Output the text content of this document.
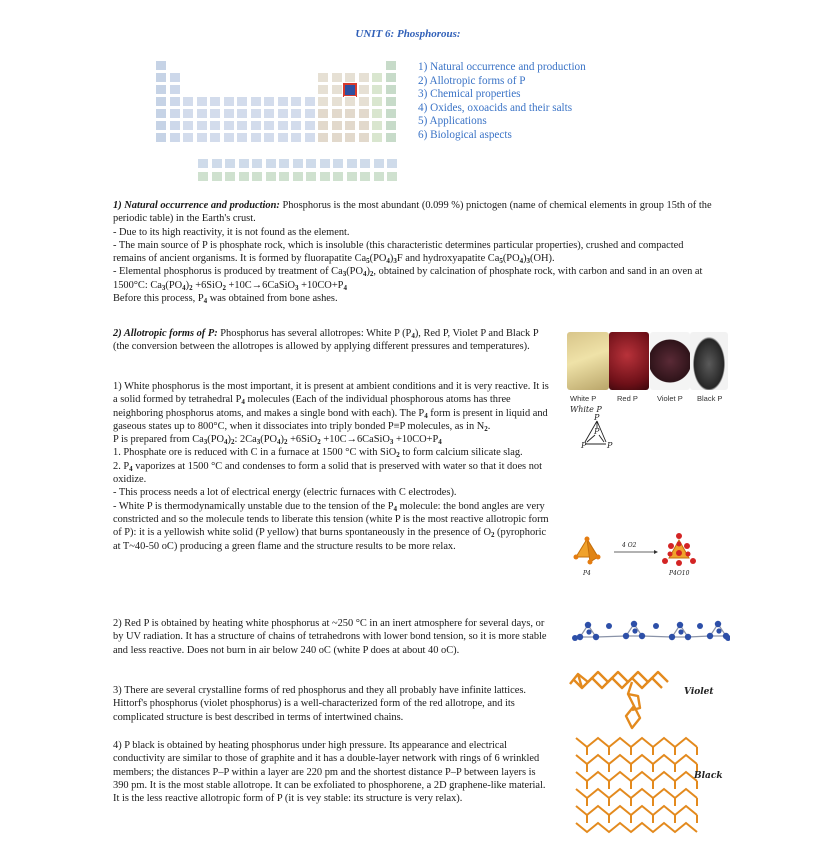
UNIT 6: Phosphorous:
1) Natural occurrence and production
2) Allotropic forms of P
3) Chemical properties
4) Oxides, oxoacids and their salts
5) Applications
6) Biological aspects
1) Natural occurrence and production: Phosphorus is the most abundant (0.099 %) pnictogen (name of chemical elements in group 15th of the periodic table) in the Earth's crust.
- Due to its high reactivity, it is not found as the element.
- The main source of P is phosphate rock, which is insoluble (this characteristic determines particular properties), crushed and compacted remains of ancient organisms. It is formed by fluorapatite $Ca_5(PO_4)_3F$ and hydroxyapatite $Ca_5(PO_4)_3(OH)$.
- Elemental phosphorus is produced by treatment of $Ca_3(PO_4)_2$, obtained by calcination of phosphate rock, with carbon and sand in an oven at 1500°C: $Ca_3(PO_4)_2 +6SiO_2$ +10C→6CaSiO$_3$ $+10CO+P_4$
Before this process, $P_4$ was obtained from bone ashes.
2) Allotropic forms of P: Phosphorus has several allotropes: White P $(P_4)$, Red P, Violet P and Black P (the conversion between the allotropes is allowed by applying different pressures and temperatures).
1) White phosphorus is the most important, it is present at ambient conditions and it is very reactive. It is a solid formed by tetrahedral $P_4$ molecules (Each of the individual phosphorous atoms has three neighboring phosphorus atoms, and makes a single bond with each). The $P_4$ form is present in liquid and gaseous states up to 800°C, when it dissociates into triply bonded P≡P molecules, as in $N_2$.
P is prepared from $Ca_3(PO_4)_2$: $2Ca_3(PO_4)_2 +6SiO_2$ +10C→6CaSiO$_3$ $+10CO+P_4$
1. Phosphate ore is reduced with C in a furnace at 1500 °C with SiO$_2$ to form calcium silicate slag.
2. $P_4$ vaporizes at 1500 °C and condenses to form a solid that is preserved with water so that it does not oxidize.
- This process needs a lot of electrical energy (electric furnaces with C electrodes).
- White P is thermodynamically unstable due to the tension of the $P_4$ molecule: the bond angles are very constricted and so the molecule tends to liberate this tension (white P is the most reactive allotropic form of P): it is a yellowish white solid (P yellow) that burns spontaneously in the presence of $O_2$ (pyrophoric at T~40-50 oC) producing a green flame and the structure results to be more relax.
2) Red P is obtained by heating white phosphorus at ~250 °C in an inert atmosphere for several days, or by UV radiation. It has a structure of chains of tetrahedrons with lower bond tension, so it is more stable and less reactive. Does not burn in air below 240 oC (white P does at about 40 oC).
3) There are several crystalline forms of red phosphorus and they all probably have infinite lattices. Hittorf's phosphorus (violet phosphorus) is a well-characterized form of the red allotrope, and its complicated structure is best described in terms of intertwined chains.
4) P black is obtained by heating phosphorus under high pressure. Its appearance and electrical conductivity are similar to those of graphite and it has a double-layer network with rings of 6 wrinkled members; the distances P–P within a layer are 220 pm and the shortest distance P–P between layers is 390 pm. It is the most stable allotrope. It can be exfoliated to phosphorene, a 2D graphene-like material. It is the less reactive allotropic form of P (it is vey stable: its structure is very relax).
White P	Red P	Violet P Black P
White P
P
P
P	P
P4
4 O2
P4O10
Violet
Black
